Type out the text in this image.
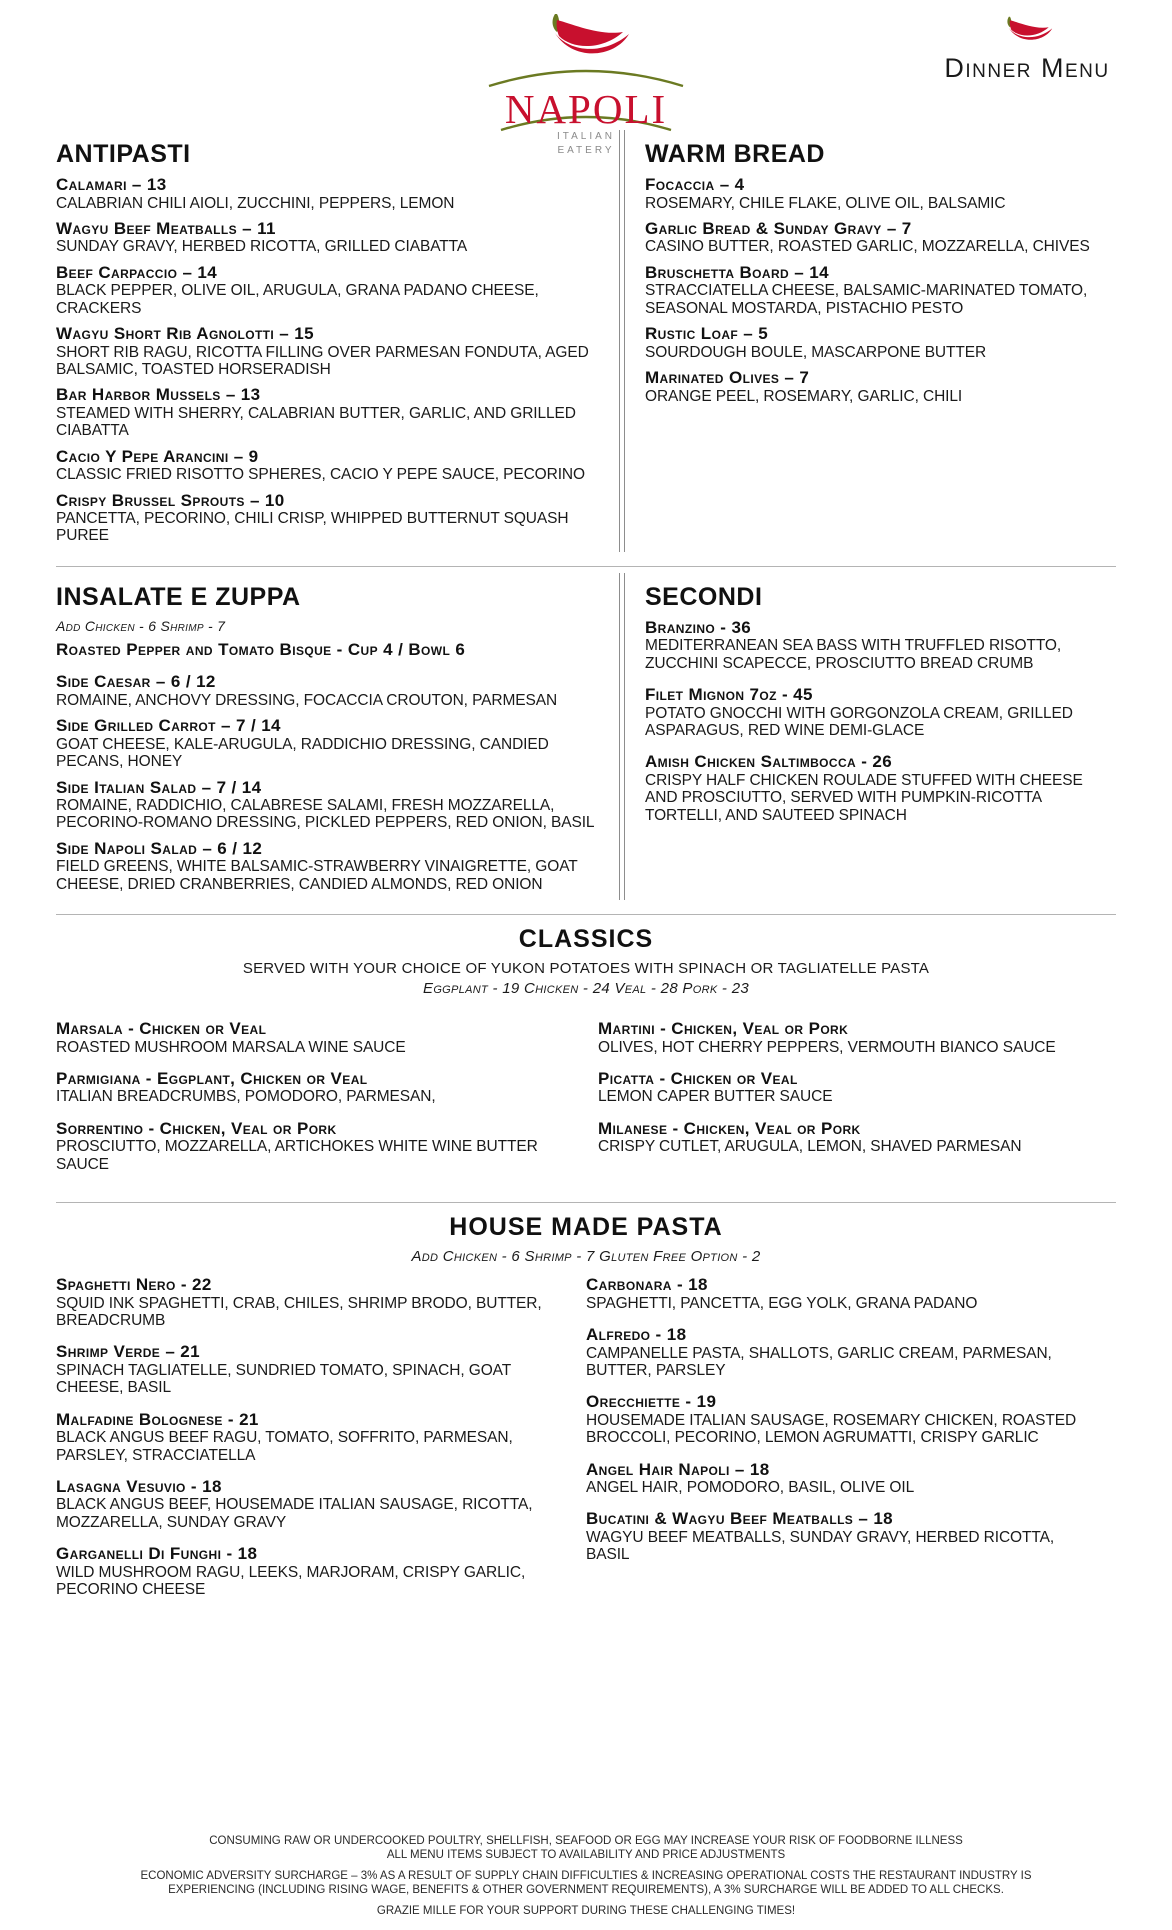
NAPOLI
ITALIAN
EATERY
Dinner Menu
ANTIPASTI
Calamari – 13
CALABRIAN CHILI AIOLI, ZUCCHINI, PEPPERS, LEMON
Wagyu Beef Meatballs – 11
SUNDAY GRAVY, HERBED RICOTTA, GRILLED CIABATTA
Beef Carpaccio – 14
BLACK PEPPER, OLIVE OIL, ARUGULA, GRANA PADANO CHEESE, CRACKERS
Wagyu Short Rib Agnolotti – 15
SHORT RIB RAGU, RICOTTA FILLING OVER PARMESAN FONDUTA, AGED BALSAMIC, TOASTED HORSERADISH
Bar Harbor Mussels – 13
STEAMED WITH SHERRY, CALABRIAN BUTTER, GARLIC, AND GRILLED CIABATTA
Cacio Y Pepe Arancini – 9
CLASSIC FRIED RISOTTO SPHERES, CACIO Y PEPE SAUCE, PECORINO
Crispy Brussel Sprouts – 10
PANCETTA, PECORINO, CHILI CRISP, WHIPPED BUTTERNUT SQUASH PUREE
WARM BREAD
Focaccia – 4
ROSEMARY, CHILE FLAKE, OLIVE OIL, BALSAMIC
Garlic Bread & Sunday Gravy – 7
CASINO BUTTER, ROASTED GARLIC, MOZZARELLA, CHIVES
Bruschetta Board – 14
STRACCIATELLA CHEESE, BALSAMIC-MARINATED TOMATO, SEASONAL MOSTARDA, PISTACHIO PESTO
Rustic Loaf – 5
SOURDOUGH BOULE, MASCARPONE BUTTER
Marinated Olives – 7
ORANGE PEEL, ROSEMARY, GARLIC, CHILI
INSALATE E ZUPPA
Add Chicken - 6 Shrimp - 7
Roasted Pepper and Tomato Bisque - Cup 4 / Bowl 6
Side Caesar – 6 / 12
ROMAINE, ANCHOVY DRESSING, FOCACCIA CROUTON, PARMESAN
Side Grilled Carrot – 7 / 14
GOAT CHEESE, KALE-ARUGULA, RADDICHIO DRESSING, CANDIED PECANS, HONEY
Side Italian Salad – 7 / 14
ROMAINE, RADDICHIO, CALABRESE SALAMI, FRESH MOZZARELLA, PECORINO-ROMANO DRESSING, PICKLED PEPPERS, RED ONION, BASIL
Side Napoli Salad – 6 / 12
FIELD GREENS, WHITE BALSAMIC-STRAWBERRY VINAIGRETTE, GOAT CHEESE, DRIED CRANBERRIES, CANDIED ALMONDS, RED ONION
SECONDI
Branzino - 36
MEDITERRANEAN SEA BASS WITH TRUFFLED RISOTTO, ZUCCHINI SCAPECCE, PROSCIUTTO BREAD CRUMB
Filet Mignon 7oz - 45
POTATO GNOCCHI WITH GORGONZOLA CREAM, GRILLED ASPARAGUS, RED WINE DEMI-GLACE
Amish Chicken Saltimbocca - 26
CRISPY HALF CHICKEN ROULADE STUFFED WITH CHEESE AND PROSCIUTTO, SERVED WITH PUMPKIN-RICOTTA TORTELLI, AND SAUTEED SPINACH
CLASSICS
SERVED WITH YOUR CHOICE OF YUKON POTATOES WITH SPINACH OR TAGLIATELLE PASTA
Eggplant - 19 Chicken - 24 Veal - 28 Pork - 23
Marsala - Chicken or Veal
ROASTED MUSHROOM MARSALA WINE SAUCE
Parmigiana - Eggplant, Chicken or Veal
ITALIAN BREADCRUMBS, POMODORO, PARMESAN,
Sorrentino - Chicken, Veal or Pork
PROSCIUTTO, MOZZARELLA, ARTICHOKES WHITE WINE BUTTER SAUCE
Martini - Chicken, Veal or Pork
OLIVES, HOT CHERRY PEPPERS, VERMOUTH BIANCO SAUCE
Picatta - Chicken or Veal
LEMON CAPER BUTTER SAUCE
Milanese - Chicken, Veal or Pork
CRISPY CUTLET, ARUGULA, LEMON, SHAVED PARMESAN
HOUSE MADE PASTA
Add Chicken - 6 Shrimp - 7 Gluten Free Option - 2
Spaghetti Nero - 22
SQUID INK SPAGHETTI, CRAB, CHILES, SHRIMP BRODO, BUTTER, BREADCRUMB
Shrimp Verde – 21
SPINACH TAGLIATELLE, SUNDRIED TOMATO, SPINACH, GOAT CHEESE, BASIL
Malfadine Bolognese - 21
BLACK ANGUS BEEF RAGU, TOMATO, SOFFRITO, PARMESAN, PARSLEY, STRACCIATELLA
Lasagna Vesuvio - 18
BLACK ANGUS BEEF, HOUSEMADE ITALIAN SAUSAGE, RICOTTA, MOZZARELLA, SUNDAY GRAVY
Garganelli Di Funghi - 18
WILD MUSHROOM RAGU, LEEKS, MARJORAM, CRISPY GARLIC, PECORINO CHEESE
Carbonara - 18
SPAGHETTI, PANCETTA, EGG YOLK, GRANA PADANO
Alfredo - 18
CAMPANELLE PASTA, SHALLOTS, GARLIC CREAM, PARMESAN, BUTTER, PARSLEY
Orecchiette - 19
HOUSEMADE ITALIAN SAUSAGE, ROSEMARY CHICKEN, ROASTED BROCCOLI, PECORINO, LEMON AGRUMATTI, CRISPY GARLIC
Angel Hair Napoli – 18
ANGEL HAIR, POMODORO, BASIL, OLIVE OIL
Bucatini & Wagyu Beef Meatballs – 18
WAGYU BEEF MEATBALLS, SUNDAY GRAVY, HERBED RICOTTA, BASIL

CONSUMING RAW OR UNDERCOOKED POULTRY, SHELLFISH, SEAFOOD OR EGG MAY INCREASE YOUR RISK OF FOODBORNE ILLNESS

ALL MENU ITEMS SUBJECT TO AVAILABILITY AND PRICE ADJUSTMENTS

ECONOMIC ADVERSITY SURCHARGE – 3% AS A RESULT OF SUPPLY CHAIN DIFFICULTIES & INCREASING OPERATIONAL COSTS THE RESTAURANT INDUSTRY IS

EXPERIENCING (INCLUDING RISING WAGE, BENEFITS & OTHER GOVERNMENT REQUIREMENTS), A 3% SURCHARGE WILL BE ADDED TO ALL CHECKS.

GRAZIE MILLE FOR YOUR SUPPORT DURING THESE CHALLENGING TIMES!
